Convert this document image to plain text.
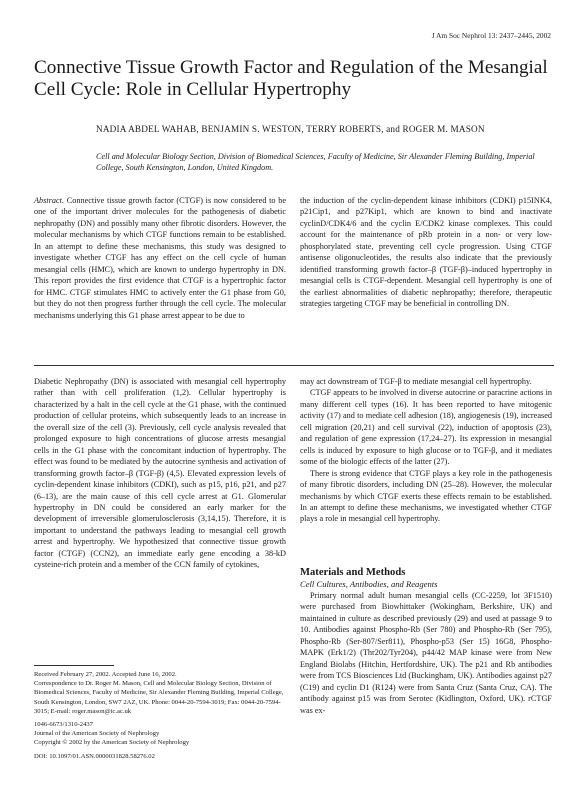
J Am Soc Nephrol 13: 2437–2445, 2002
Connective Tissue Growth Factor and Regulation of the Mesangial Cell Cycle: Role in Cellular Hypertrophy
NADIA ABDEL WAHAB, BENJAMIN S. WESTON, TERRY ROBERTS, and ROGER M. MASON
Cell and Molecular Biology Section, Division of Biomedical Sciences, Faculty of Medicine, Sir Alexander Fleming Building, Imperial College, South Kensington, London, United Kingdom.
Abstract. Connective tissue growth factor (CTGF) is now considered to be one of the important driver molecules for the pathogenesis of diabetic nephropathy (DN) and possibly many other fibrotic disorders. However, the molecular mechanisms by which CTGF functions remain to be established. In an attempt to define these mechanisms, this study was designed to investigate whether CTGF has any effect on the cell cycle of human mesangial cells (HMC), which are known to undergo hypertrophy in DN. This report provides the first evidence that CTGF is a hypertrophic factor for HMC. CTGF stimulates HMC to actively enter the G1 phase from G0, but they do not then progress further through the cell cycle. The molecular mechanisms underlying this G1 phase arrest appear to be due to
the induction of the cyclin-dependent kinase inhibitors (CDKI) p15INK4, p21Cip1, and p27Kip1, which are known to bind and inactivate cyclinD/CDK4/6 and the cyclin E/CDK2 kinase complexes. This could account for the maintenance of pRb protein in a non- or very low-phosphorylated state, preventing cell cycle progression. Using CTGF antisense oligonucleotides, the results also indicate that the previously identified transforming growth factor–β (TGF-β)–induced hypertrophy in mesangial cells is CTGF-dependent. Mesangial cell hypertrophy is one of the earliest abnormalities of diabetic nephropathy; therefore, therapeutic strategies targeting CTGF may be beneficial in controlling DN.

Diabetic Nephropathy (DN) is associated with mesangial cell hypertrophy rather than with cell proliferation (1,2). Cellular hypertrophy is characterized by a halt in the cell cycle at the G1 phase, with the continued production of cellular proteins, which subsequently leads to an increase in the overall size of the cell (3). Previously, cell cycle analysis revealed that prolonged exposure to high concentrations of glucose arrests mesangial cells in the G1 phase with the concomitant induction of hypertrophy. The effect was found to be mediated by the autocrine synthesis and activation of transforming growth factor–β (TGF-β) (4,5). Elevated expression levels of cyclin-dependent kinase inhibitors (CDKI), such as p15, p16, p21, and p27 (6–13), are the main cause of this cell cycle arrest at G1. Glomerular hypertrophy in DN could be considered an early marker for the development of irreversible glomerulosclerosis (3,14,15). Therefore, it is important to understand the pathways leading to mesangial cell growth arrest and hypertrophy. We hypothesized that connective tissue growth factor (CTGF) (CCN2), an immediate early gene encoding a 38-kD cysteine-rich protein and a member of the CCN family of cytokines,

may act downstream of TGF-β to mediate mesangial cell hypertrophy.

CTGF appears to be involved in diverse autocrine or paracrine actions in many different cell types (16). It has been reported to have mitogenic activity (17) and to mediate cell adhesion (18), angiogenesis (19), increased cell migration (20,21) and cell survival (22), induction of apoptosis (23), and regulation of gene expression (17,24–27). Its expression in mesangial cells is induced by exposure to high glucose or to TGF-β, and it mediates some of the biologic effects of the latter (27).

There is strong evidence that CTGF plays a key role in the pathogenesis of many fibrotic disorders, including DN (25–28). However, the molecular mechanisms by which CTGF exerts these effects remain to be established. In an attempt to define these mechanisms, we investigated whether CTGF plays a role in mesangial cell hypertrophy.

Materials and Methods

Cell Cultures, Antibodies, and Reagents

Primary normal adult human mesangial cells (CC-2259, lot 3F1510) were purchased from Biowhittaker (Wokingham, Berkshire, UK) and maintained in culture as described previously (29) and used at passage 9 to 10. Antibodies against Phospho-Rb (Ser 780) and Phospho-Rb (Ser 795), Phospho-Rb (Ser-807/Ser811), Phospho-p53 (Ser 15) 16G8, Phospho-MAPK (Erk1/2) (Thr202/Tyr204), p44/42 MAP kinase were from New England Biolabs (Hitchin, Hertfordshire, UK). The p21 and Rb antibodies were from TCS Biosciences Ltd (Buckingham, UK). Antibodies against p27 (C19) and cyclin D1 (R124) were from Santa Cruz (Santa Cruz, CA). The antibody against p15 was from Serotec (Kidlington, Oxford, UK). rCTGF was ex-

Received February 27, 2002. Accepted June 16, 2002.
Correspondence to Dr. Roger M. Mason, Cell and Molecular Biology Section, Division of Biomedical Sciences, Faculty of Medicine, Sir Alexander Fleming Building, Imperial College, South Kensington, London, SW7 2AZ, UK. Phone: 0044-20-7594-3019; Fax: 0044-20-7594-3015; E-mail: roger.mason@ic.ac.uk
1046-6673/1310-2437
Journal of the American Society of Nephrology
Copyright © 2002 by the American Society of Nephrology
DOI: 10.1097/01.ASN.0000031828.58276.02
